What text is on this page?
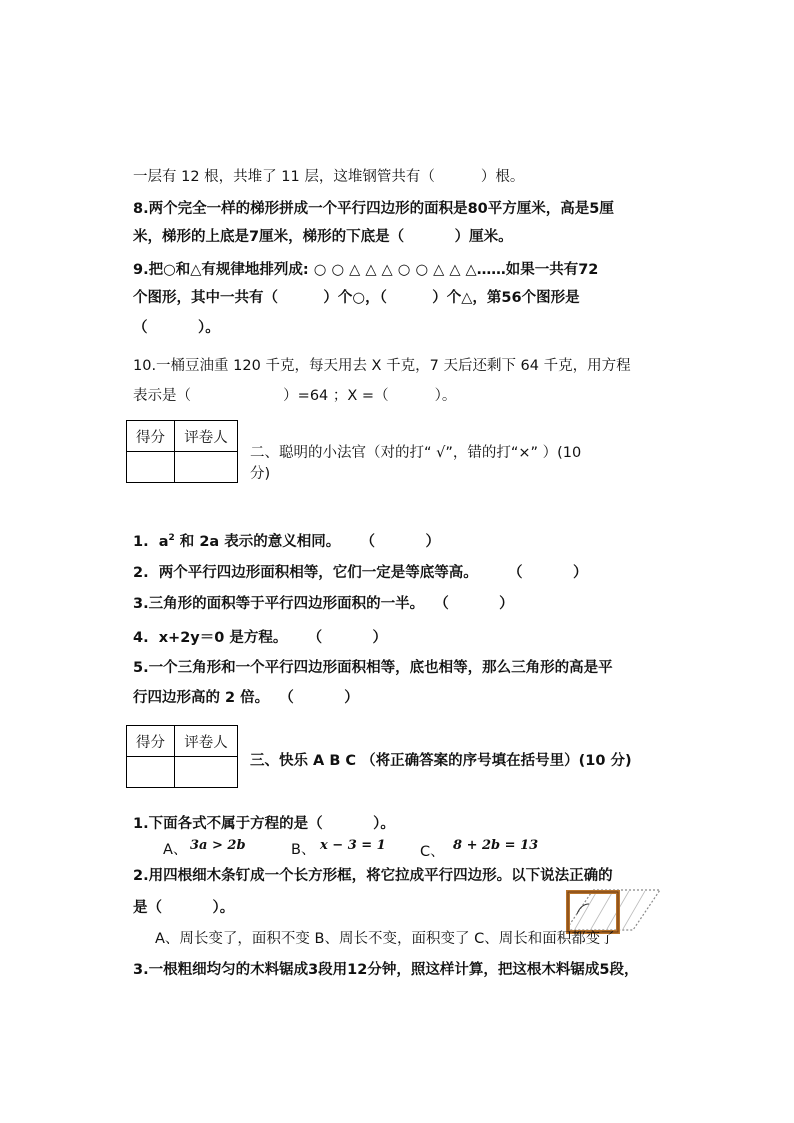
一层有 12 根，共堆了 11 层，这堆钢管共有（          ）根。
8.两个完全一样的梯形拼成一个平行四边形的面积是80平方厘米，高是5厘
米，梯形的上底是7厘米，梯形的下底是（          ）厘米。
9.把○和△有规律地排列成: ○ ○ △ △ △ ○ ○ △ △ △……如果一共有72
个图形，其中一共有（         ）个○，（         ）个△，第56个图形是
（          ）。
10.一桶豆油重 120 千克，每天用去 X 千克，7 天后还剩下 64 千克，用方程
表示是（                    ）=64 ；X =（          ）。
得分	评卷人

二、聪明的小法官（对的打“ √”，错的打“×” ）(10
分)
1.  $a^2$ 和 2a 表示的意义相同。    （          ）
2.  两个平行四边形面积相等，它们一定是等底等高。      （          ）
3.三角形的面积等于平行四边形面积的一半。  （          ）
4.  x+2y＝0 是方程。    （          ）
5.一个三角形和一个平行四边形面积相等，底也相等，那么三角形的高是平
行四边形高的 2 倍。  （          ）
得分	评卷人

三、快乐 A B C （将正确答案的序号填在括号里）(10 分)
1.下面各式不属于方程的是（          ）。
A、 3a > 2b	B、 x − 3 = 1 C、 8 + 2b = 13
2.用四根细木条钉成一个长方形框，将它拉成平行四边形。以下说法正确的
是（          ）。
A、周长变了，面积不变 B、周长不变，面积变了 C、周长和面积都变了
3.一根粗细均匀的木料锯成3段用12分钟，照这样计算，把这根木料锯成5段，
